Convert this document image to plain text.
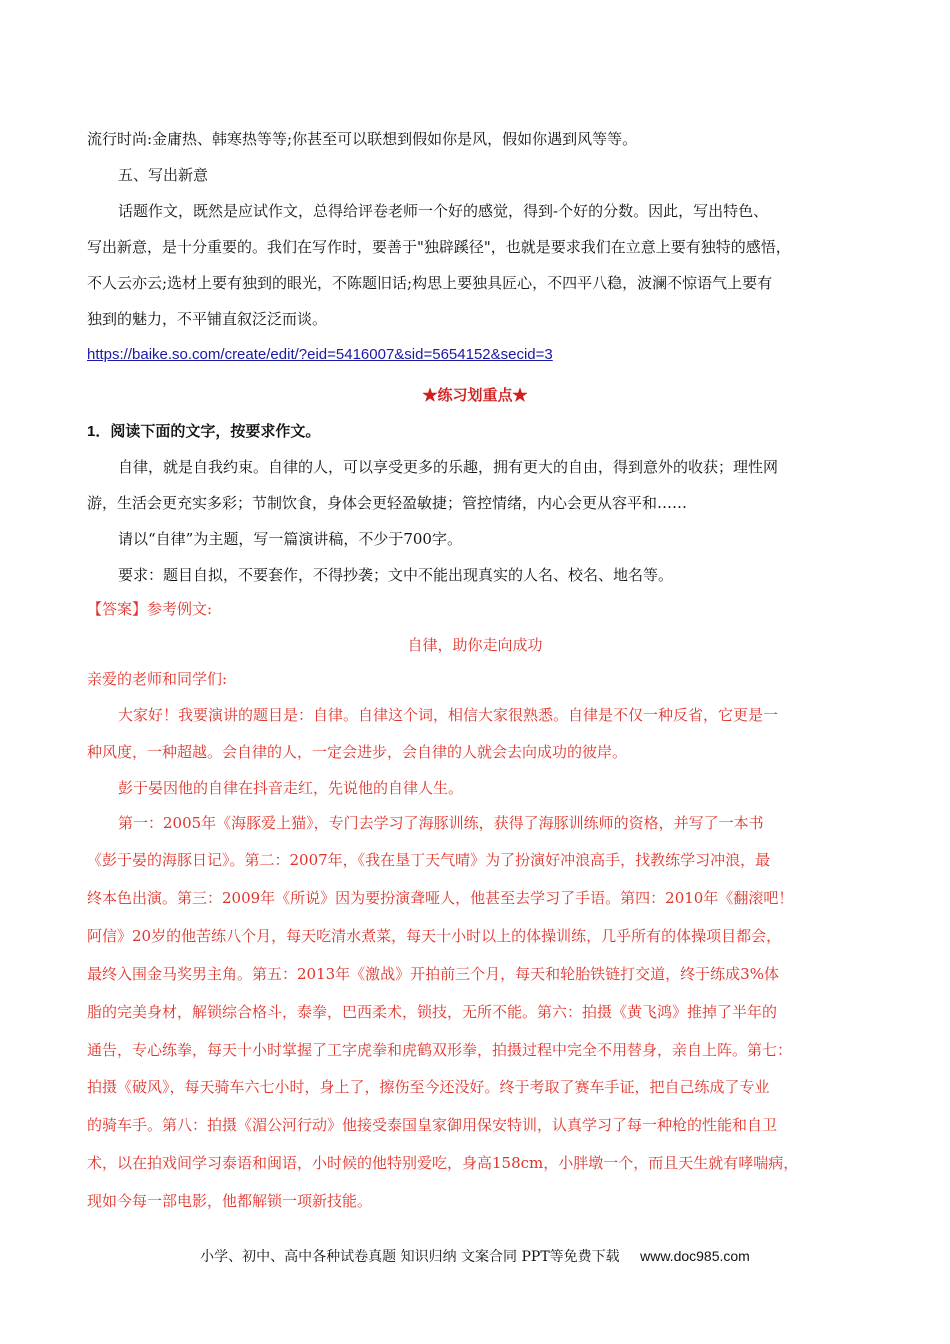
流行时尚:金庸热、韩寒热等等;你甚至可以联想到假如你是风，假如你遇到风等等。
五、写出新意
话题作文，既然是应试作文，总得给评卷老师一个好的感觉，得到-个好的分数。因此，写出特色、
写出新意，是十分重要的。我们在写作时，要善于"独辟蹊径"，也就是要求我们在立意上要有独特的感悟，
不人云亦云;选材上要有独到的眼光，不陈题旧话;构思上要独具匠心，不四平八稳，波澜不惊语气上要有
独到的魅力，不平铺直叙泛泛而谈。
https://baike.so.com/create/edit/?eid=5416007&sid=5654152&secid=3
★练习划重点★
1．阅读下面的文字，按要求作文。
自律，就是自我约束。自律的人，可以享受更多的乐趣，拥有更大的自由，得到意外的收获；理性网
游，生活会更充实多彩；节制饮食，身体会更轻盈敏捷；管控情绪，内心会更从容平和……
请以“自律”为主题，写一篇演讲稿，不少于700字。
要求：题目自拟，不要套作，不得抄袭；文中不能出现真实的人名、校名、地名等。
【答案】参考例文:
自律，助你走向成功
亲爱的老师和同学们:
大家好！我要演讲的题目是：自律。自律这个词，相信大家很熟悉。自律是不仅一种反省，它更是一
种风度，一种超越。会自律的人，一定会进步，会自律的人就会去向成功的彼岸。
彭于晏因他的自律在抖音走红，先说他的自律人生。
第一：2005年《海豚爱上猫》，专门去学习了海豚训练，获得了海豚训练师的资格，并写了一本书
《彭于晏的海豚日记》。第二：2007年，《我在垦丁天气晴》为了扮演好冲浪高手，找教练学习冲浪，最
终本色出演。第三：2009年《所说》因为要扮演聋哑人，他甚至去学习了手语。第四：2010年《翻滚吧！
阿信》20岁的他苦练八个月，每天吃清水煮菜，每天十小时以上的体操训练，几乎所有的体操项目都会，
最终入围金马奖男主角。第五：2013年《激战》开拍前三个月，每天和轮胎铁链打交道，终于练成3%体
脂的完美身材，解锁综合格斗，泰拳，巴西柔术，锁技，无所不能。第六：拍摄《黄飞鸿》推掉了半年的
通告，专心练拳，每天十小时掌握了工字虎拳和虎鹤双形拳，拍摄过程中完全不用替身，亲自上阵。第七：
拍摄《破风》，每天骑车六七小时，身上了，擦伤至今还没好。终于考取了赛车手证，把自己练成了专业
的骑车手。第八：拍摄《湄公河行动》他接受泰国皇家御用保安特训，认真学习了每一种枪的性能和自卫
术，以在拍戏间学习泰语和闽语，小时候的他特别爱吃，身高158cm，小胖墩一个，而且天生就有哮喘病，
现如今每一部电影，他都解锁一项新技能。
小学、初中、高中各种试卷真题 知识归纳 文案合同 PPT等免费下载 www.doc985.com
